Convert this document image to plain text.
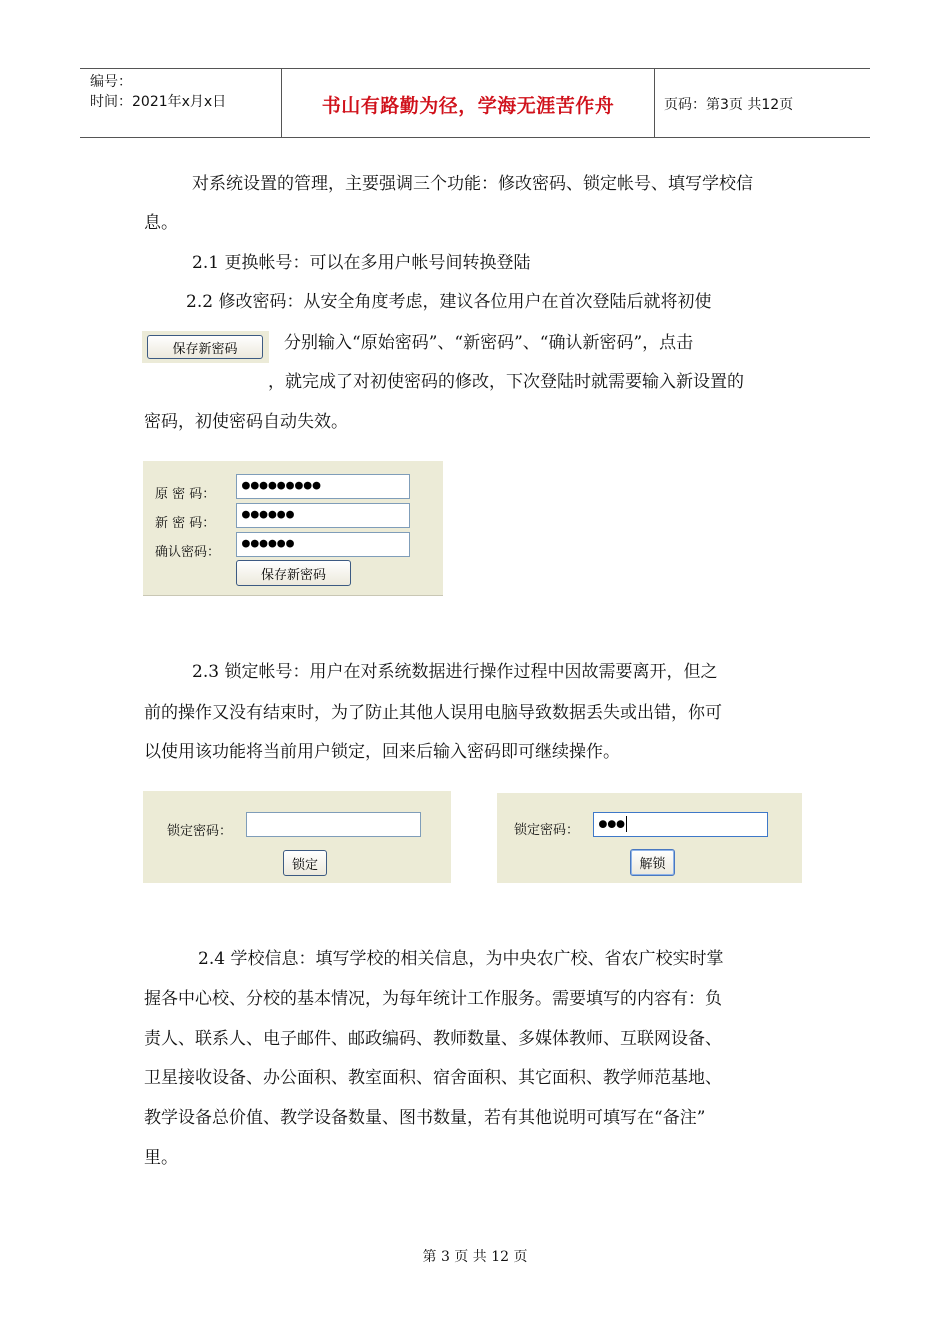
编号：
时间：2021年x月x日	书山有路勤为径，学海无涯苦作舟	页码：第3页 共12页
对系统设置的管理，主要强调三个功能：修改密码、锁定帐号、填写学校信
息。
2.1 更换帐号：可以在多用户帐号间转换登陆
2.2 修改密码：从安全角度考虑，建议各位用户在首次登陆后就将初使
保存新密码	分别输入“原始密码”、“新密码”、“确认新密码”，点击
，就完成了对初使密码的修改，下次登陆时就需要输入新设置的
密码，初使密码自动失效。
原 密 码：
●●●●●●●●●
新 密 码：
●●●●●●
确认密码：
●●●●●●
保存新密码
2.3 锁定帐号：用户在对系统数据进行操作过程中因故需要离开，但之
前的操作又没有结束时，为了防止其他人误用电脑导致数据丢失或出错，你可
以使用该功能将当前用户锁定，回来后输入密码即可继续操作。
锁定密码：
锁定
锁定密码：	●●●
解锁
2.4 学校信息：填写学校的相关信息，为中央农广校、省农广校实时掌
握各中心校、分校的基本情况，为每年统计工作服务。需要填写的内容有：负
责人、联系人、电子邮件、邮政编码、教师数量、多媒体教师、互联网设备、
卫星接收设备、办公面积、教室面积、宿舍面积、其它面积、教学师范基地、
教学设备总价值、教学设备数量、图书数量，若有其他说明可填写在“备注”
里。
第 3 页 共 12 页
